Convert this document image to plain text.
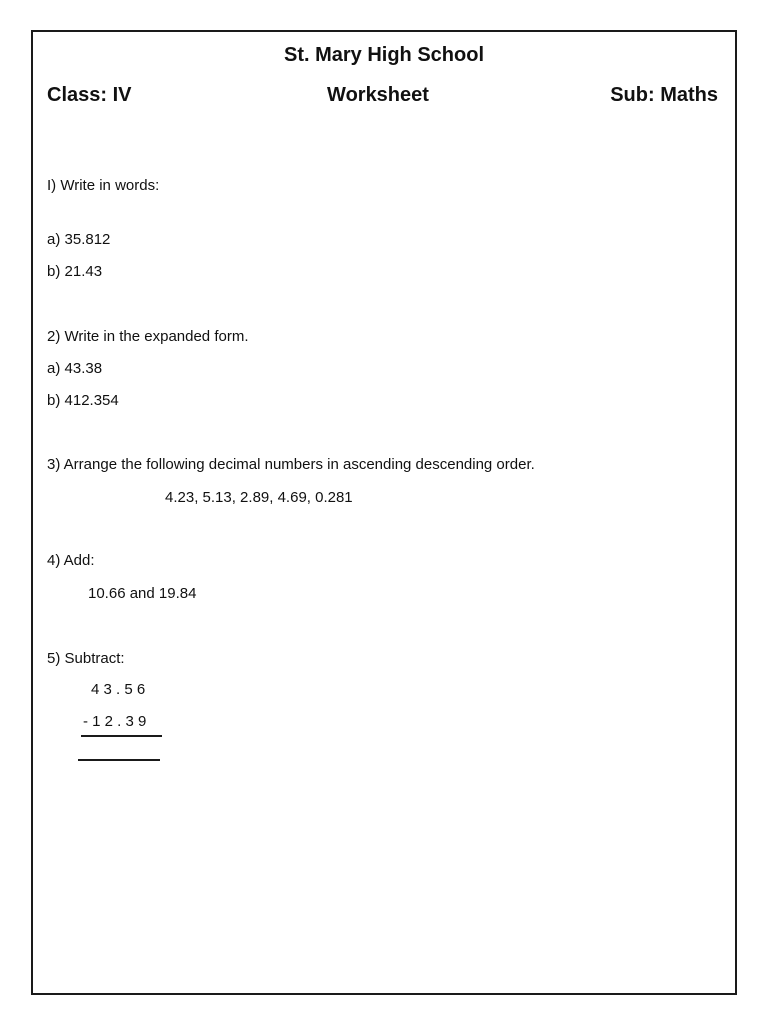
St. Mary High School
Class: IV	Worksheet	Sub: Maths
I) Write in words:
a) 35.812
b) 21.43
2) Write in the expanded form.
a) 43.38
b) 412.354
3) Arrange the following decimal numbers in ascending descending order.
4.23, 5.13, 2.89, 4.69, 0.281
4) Add:
10.66 and 19.84
5) Subtract:
4 3 . 5 6
- 1 2 . 3 9
